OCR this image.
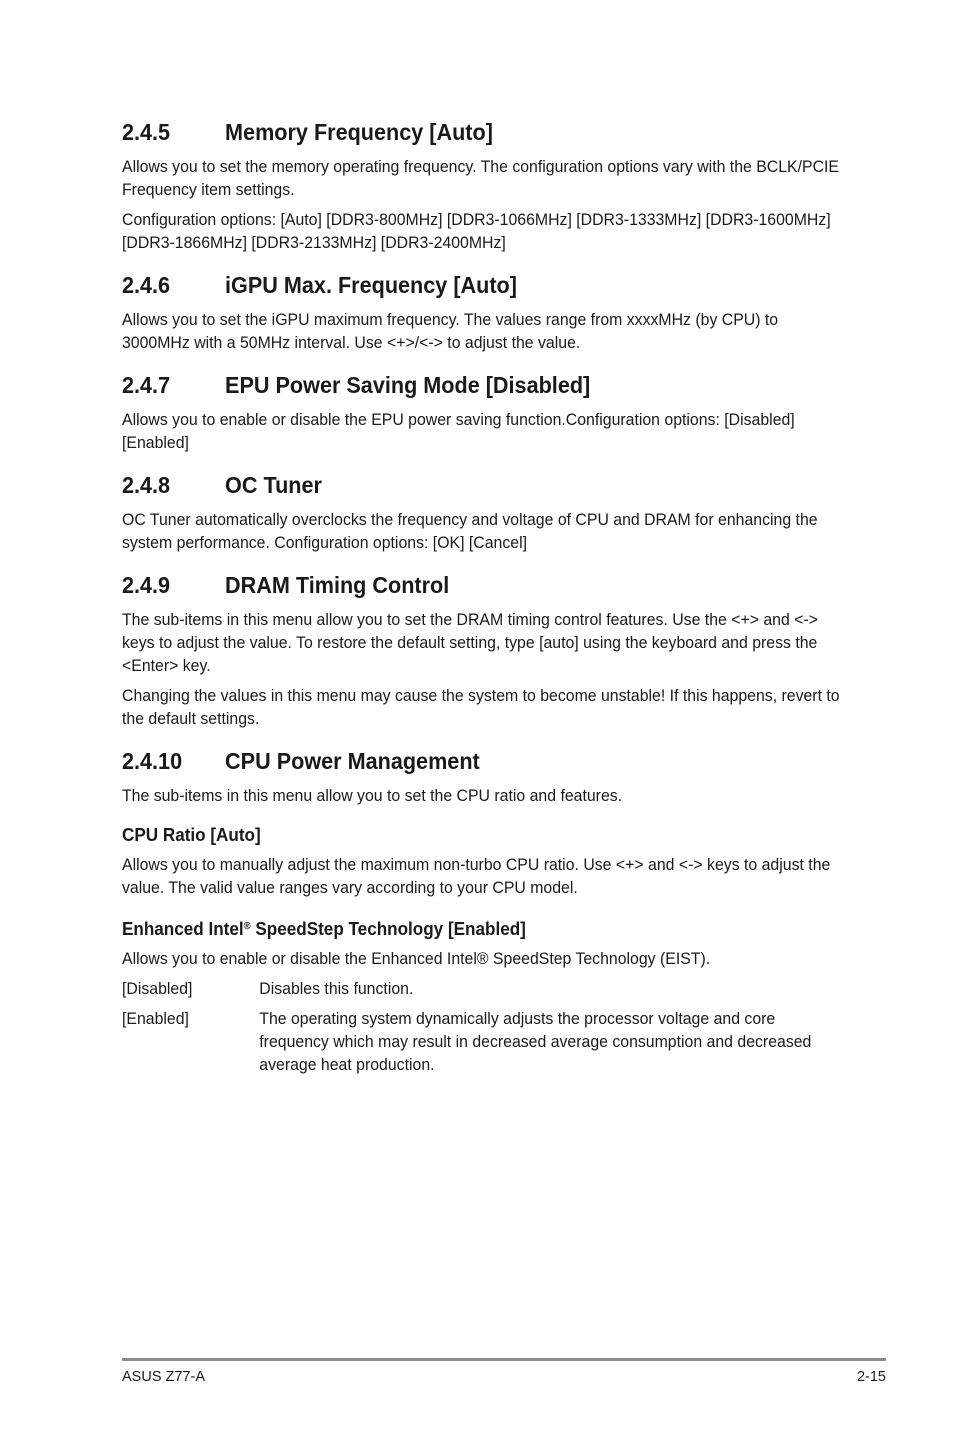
2.4.5	Memory Frequency [Auto]

Allows you to set the memory operating frequency. The configuration options vary with the BCLK/PCIE Frequency item settings.

Configuration options: [Auto] [DDR3-800MHz] [DDR3-1066MHz] [DDR3-1333MHz] [DDR3-1600MHz] [DDR3-1866MHz] [DDR3-2133MHz] [DDR3-2400MHz]

2.4.6	iGPU Max. Frequency [Auto]

Allows you to set the iGPU maximum frequency. The values range from xxxxMHz (by CPU) to 3000MHz with a 50MHz interval. Use <+>/<-> to adjust the value.

2.4.7	EPU Power Saving Mode [Disabled]

Allows you to enable or disable the EPU power saving function.Configuration options: [Disabled] [Enabled]

2.4.8	OC Tuner

OC Tuner automatically overclocks the frequency and voltage of CPU and DRAM for enhancing the system performance. Configuration options: [OK] [Cancel]

2.4.9	DRAM Timing Control

The sub-items in this menu allow you to set the DRAM timing control features. Use the <+> and <-> keys to adjust the value. To restore the default setting, type [auto] using the keyboard and press the <Enter> key.

Changing the values in this menu may cause the system to become unstable! If this happens, revert to the default settings.

2.4.10	CPU Power Management

The sub-items in this menu allow you to set the CPU ratio and features.

CPU Ratio [Auto]

Allows you to manually adjust the maximum non-turbo CPU ratio. Use <+> and <-> keys to adjust the value. The valid value ranges vary according to your CPU model.

Enhanced Intel® SpeedStep Technology [Enabled]

Allows you to enable or disable the Enhanced Intel® SpeedStep Technology (EIST).

[Disabled]	Disables this function.
[Enabled]	The operating system dynamically adjusts the processor voltage and core frequency which may result in decreased average consumption and decreased average heat production.
ASUS Z77-A	2-15
